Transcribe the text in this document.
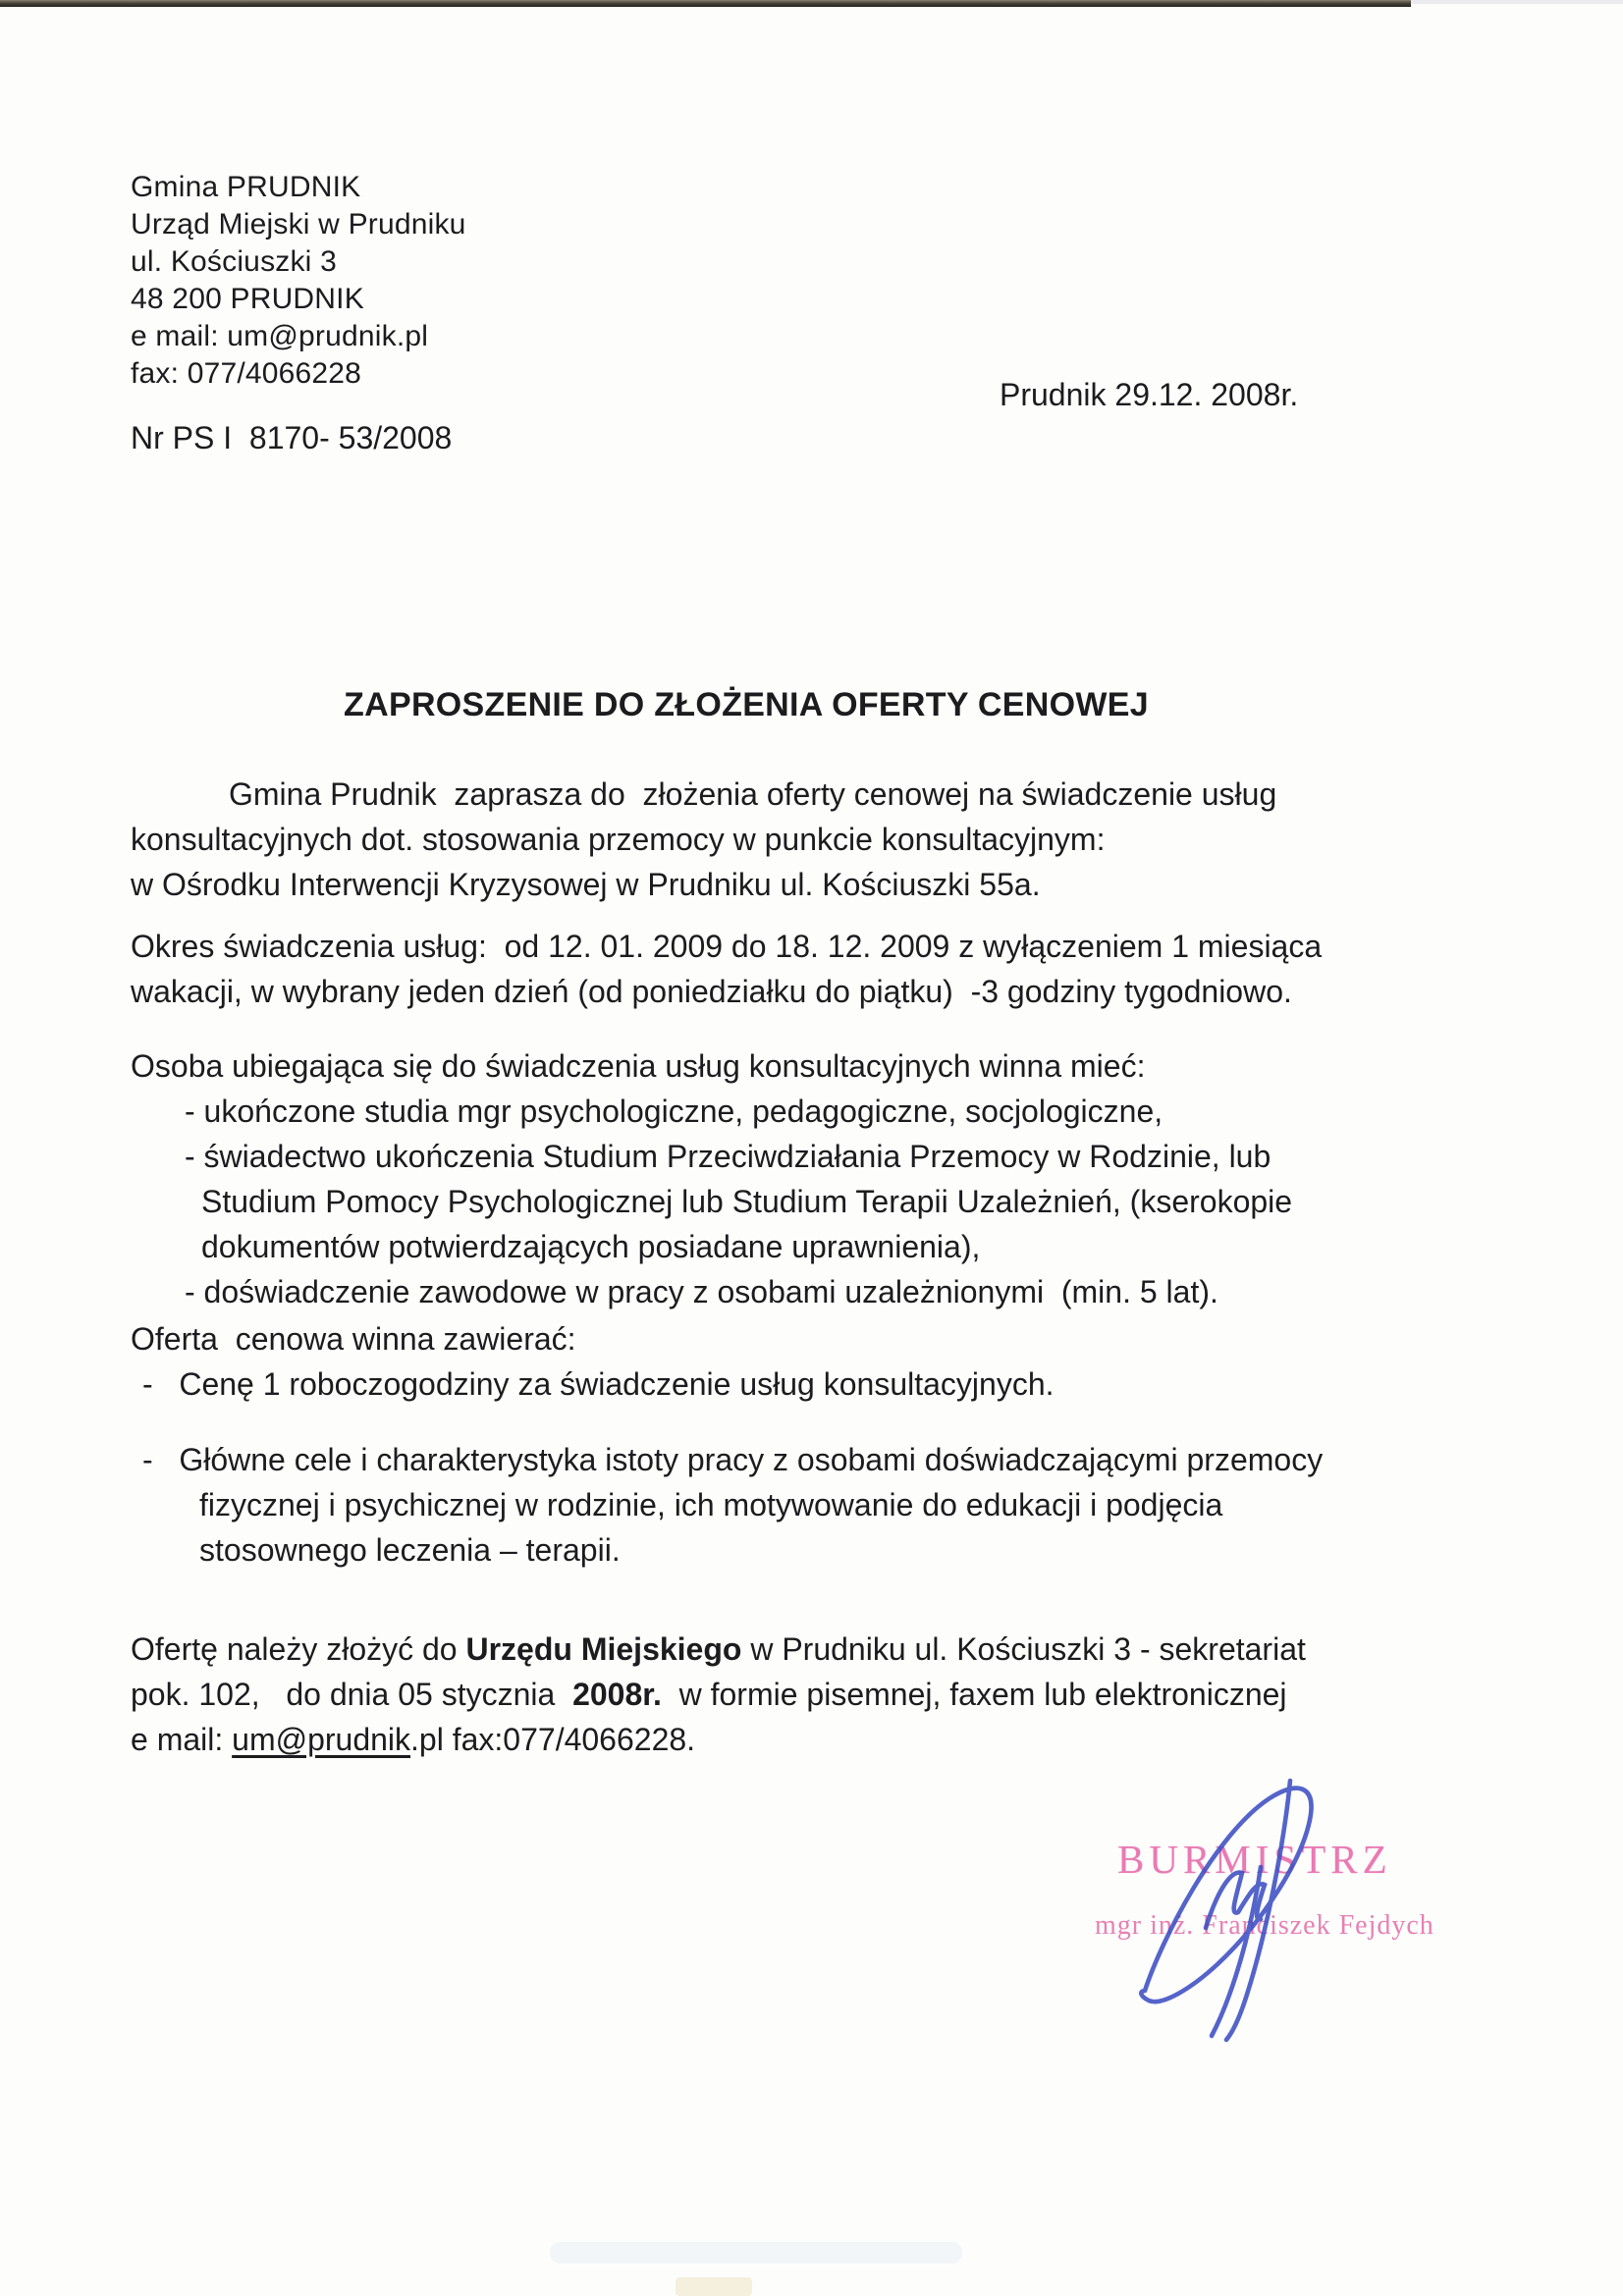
Gmina PRUDNIK
Urząd Miejski w Prudniku
ul. Kościuszki 3
48 200 PRUDNIK
e mail: um@prudnik.pl
fax: 077/4066228
Prudnik 29.12. 2008r.
Nr PS I  8170- 53/2008
ZAPROSZENIE DO ZŁOŻENIA OFERTY CENOWEJ
Gmina Prudnik  zaprasza do  złożenia oferty cenowej na świadczenie usług
konsultacyjnych dot. stosowania przemocy w punkcie konsultacyjnym:
w Ośrodku Interwencji Kryzysowej w Prudniku ul. Kościuszki 55a.
Okres świadczenia usług:  od 12. 01. 2009 do 18. 12. 2009 z wyłączeniem 1 miesiąca
wakacji, w wybrany jeden dzień (od poniedziałku do piątku)  -3 godziny tygodniowo.
Osoba ubiegająca się do świadczenia usług konsultacyjnych winna mieć:
- ukończone studia mgr psychologiczne, pedagogiczne, socjologiczne,
- świadectwo ukończenia Studium Przeciwdziałania Przemocy w Rodzinie, lub
Studium Pomocy Psychologicznej lub Studium Terapii Uzależnień, (kserokopie
dokumentów potwierdzających posiadane uprawnienia),
- doświadczenie zawodowe w pracy z osobami uzależnionymi  (min. 5 lat).
Oferta  cenowa winna zawierać:
-   Cenę 1 roboczogodziny za świadczenie usług konsultacyjnych.
-   Główne cele i charakterystyka istoty pracy z osobami doświadczającymi przemocy
fizycznej i psychicznej w rodzinie, ich motywowanie do edukacji i podjęcia
stosownego leczenia – terapii.
Ofertę należy złożyć do Urzędu Miejskiego w Prudniku ul. Kościuszki 3 - sekretariat
pok. 102,   do dnia 05 stycznia  2008r.  w formie pisemnej, faxem lub elektronicznej
e mail: um@prudnik.pl fax:077/4066228.
BURMISTRZ
mgr inż. Franciszek Fejdych
